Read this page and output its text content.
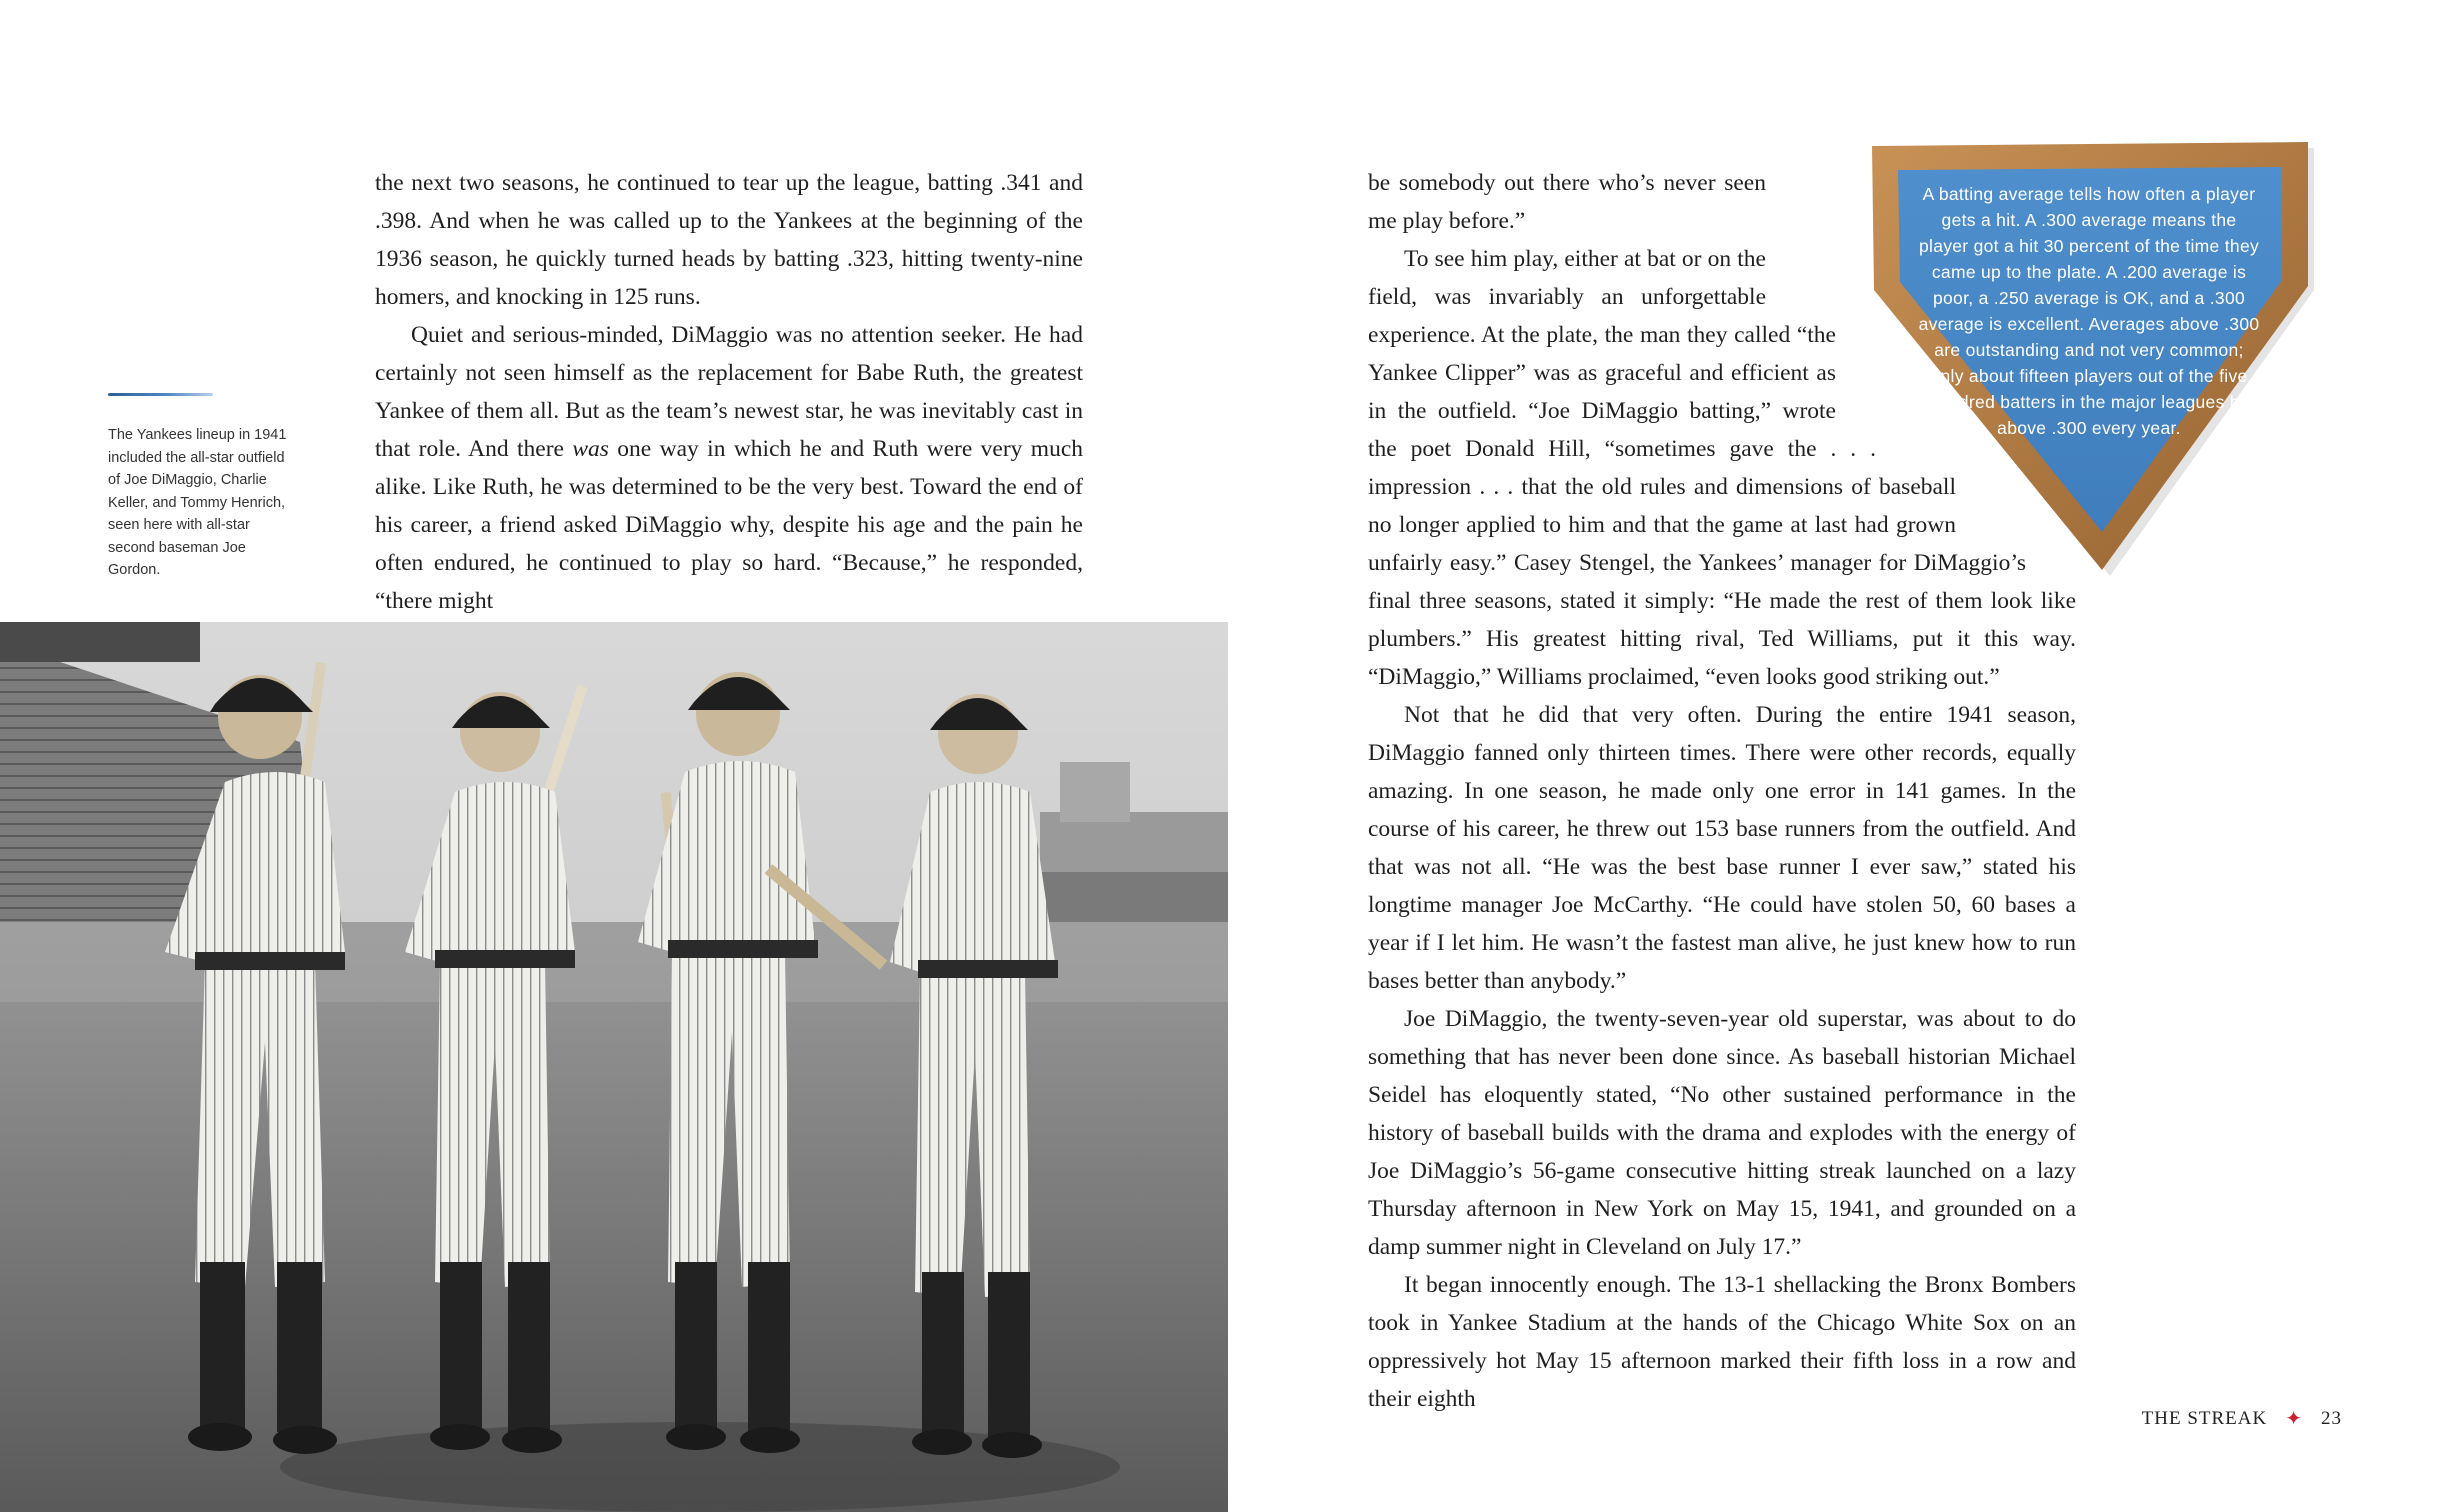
the next two seasons, he continued to tear up the league, batting .341 and .398. And when he was called up to the Yankees at the beginning of the 1936 season, he quickly turned heads by batting .323, hitting twenty-nine homers, and knocking in 125 runs.

Quiet and serious-minded, DiMaggio was no attention seeker. He had certainly not seen himself as the replacement for Babe Ruth, the greatest Yankee of them all. But as the team’s newest star, he was inevitably cast in that role. And there was one way in which he and Ruth were very much alike. Like Ruth, he was determined to be the very best. Toward the end of his career, a friend asked DiMaggio why, despite his age and the pain he often endured, he continued to play so hard. “Because,” he responded, “there might

The Yankees lineup in 1941 included the all-star outfield of Joe DiMaggio, Charlie Keller, and Tommy Henrich, seen here with all-star second baseman Joe Gordon.

be somebody out there who’s never seen me play before.”

To see him play, either at bat or on the field, was invariably an unforgettable experience. At the plate, the man they called “the Yankee Clipper” was as graceful and efficient as in the outfield. “Joe DiMaggio batting,” wrote the poet Donald Hill, “sometimes gave the . . . impression . . . that the old rules and dimensions of baseball no longer applied to him and that the game at last had grown unfairly easy.” Casey Stengel, the Yankees’ manager for DiMaggio’s final three seasons, stated it simply: “He made the rest of them look like plumbers.” His greatest hitting rival, Ted Williams, put it this way. “DiMaggio,” Williams proclaimed, “even looks good striking out.”

Not that he did that very often. During the entire 1941 season, DiMaggio fanned only thirteen times. There were other records, equally amazing. In one season, he made only one error in 141 games. In the course of his career, he threw out 153 base runners from the outfield. And that was not all. “He was the best base runner I ever saw,” stated his longtime manager Joe McCarthy. “He could have stolen 50, 60 bases a year if I let him. He wasn’t the fastest man alive, he just knew how to run bases better than anybody.”

Joe DiMaggio, the twenty-seven-year old superstar, was about to do something that has never been done since. As baseball historian Michael Seidel has eloquently stated, “No other sustained performance in the history of baseball builds with the drama and explodes with the energy of Joe DiMaggio’s 56-game consecutive hitting streak launched on a lazy Thursday afternoon in New York on May 15, 1941, and grounded on a damp summer night in Cleveland on July 17.”

It began innocently enough. The 13-1 shellacking the Bronx Bombers took in Yankee Stadium at the hands of the Chicago White Sox on an oppressively hot May 15 afternoon marked their fifth loss in a row and their eighth

A batting average tells how often a player gets a hit. A .300 average means the player got a hit 30 percent of the time they came up to the plate. A .200 average is poor, a .250 average is OK, and a .300 average is excellent. Averages above .300 are outstanding and not very common; only about fifteen players out of the five hundred batters in the major leagues hit above .300 every year.
THE STREAK ✦ 23
